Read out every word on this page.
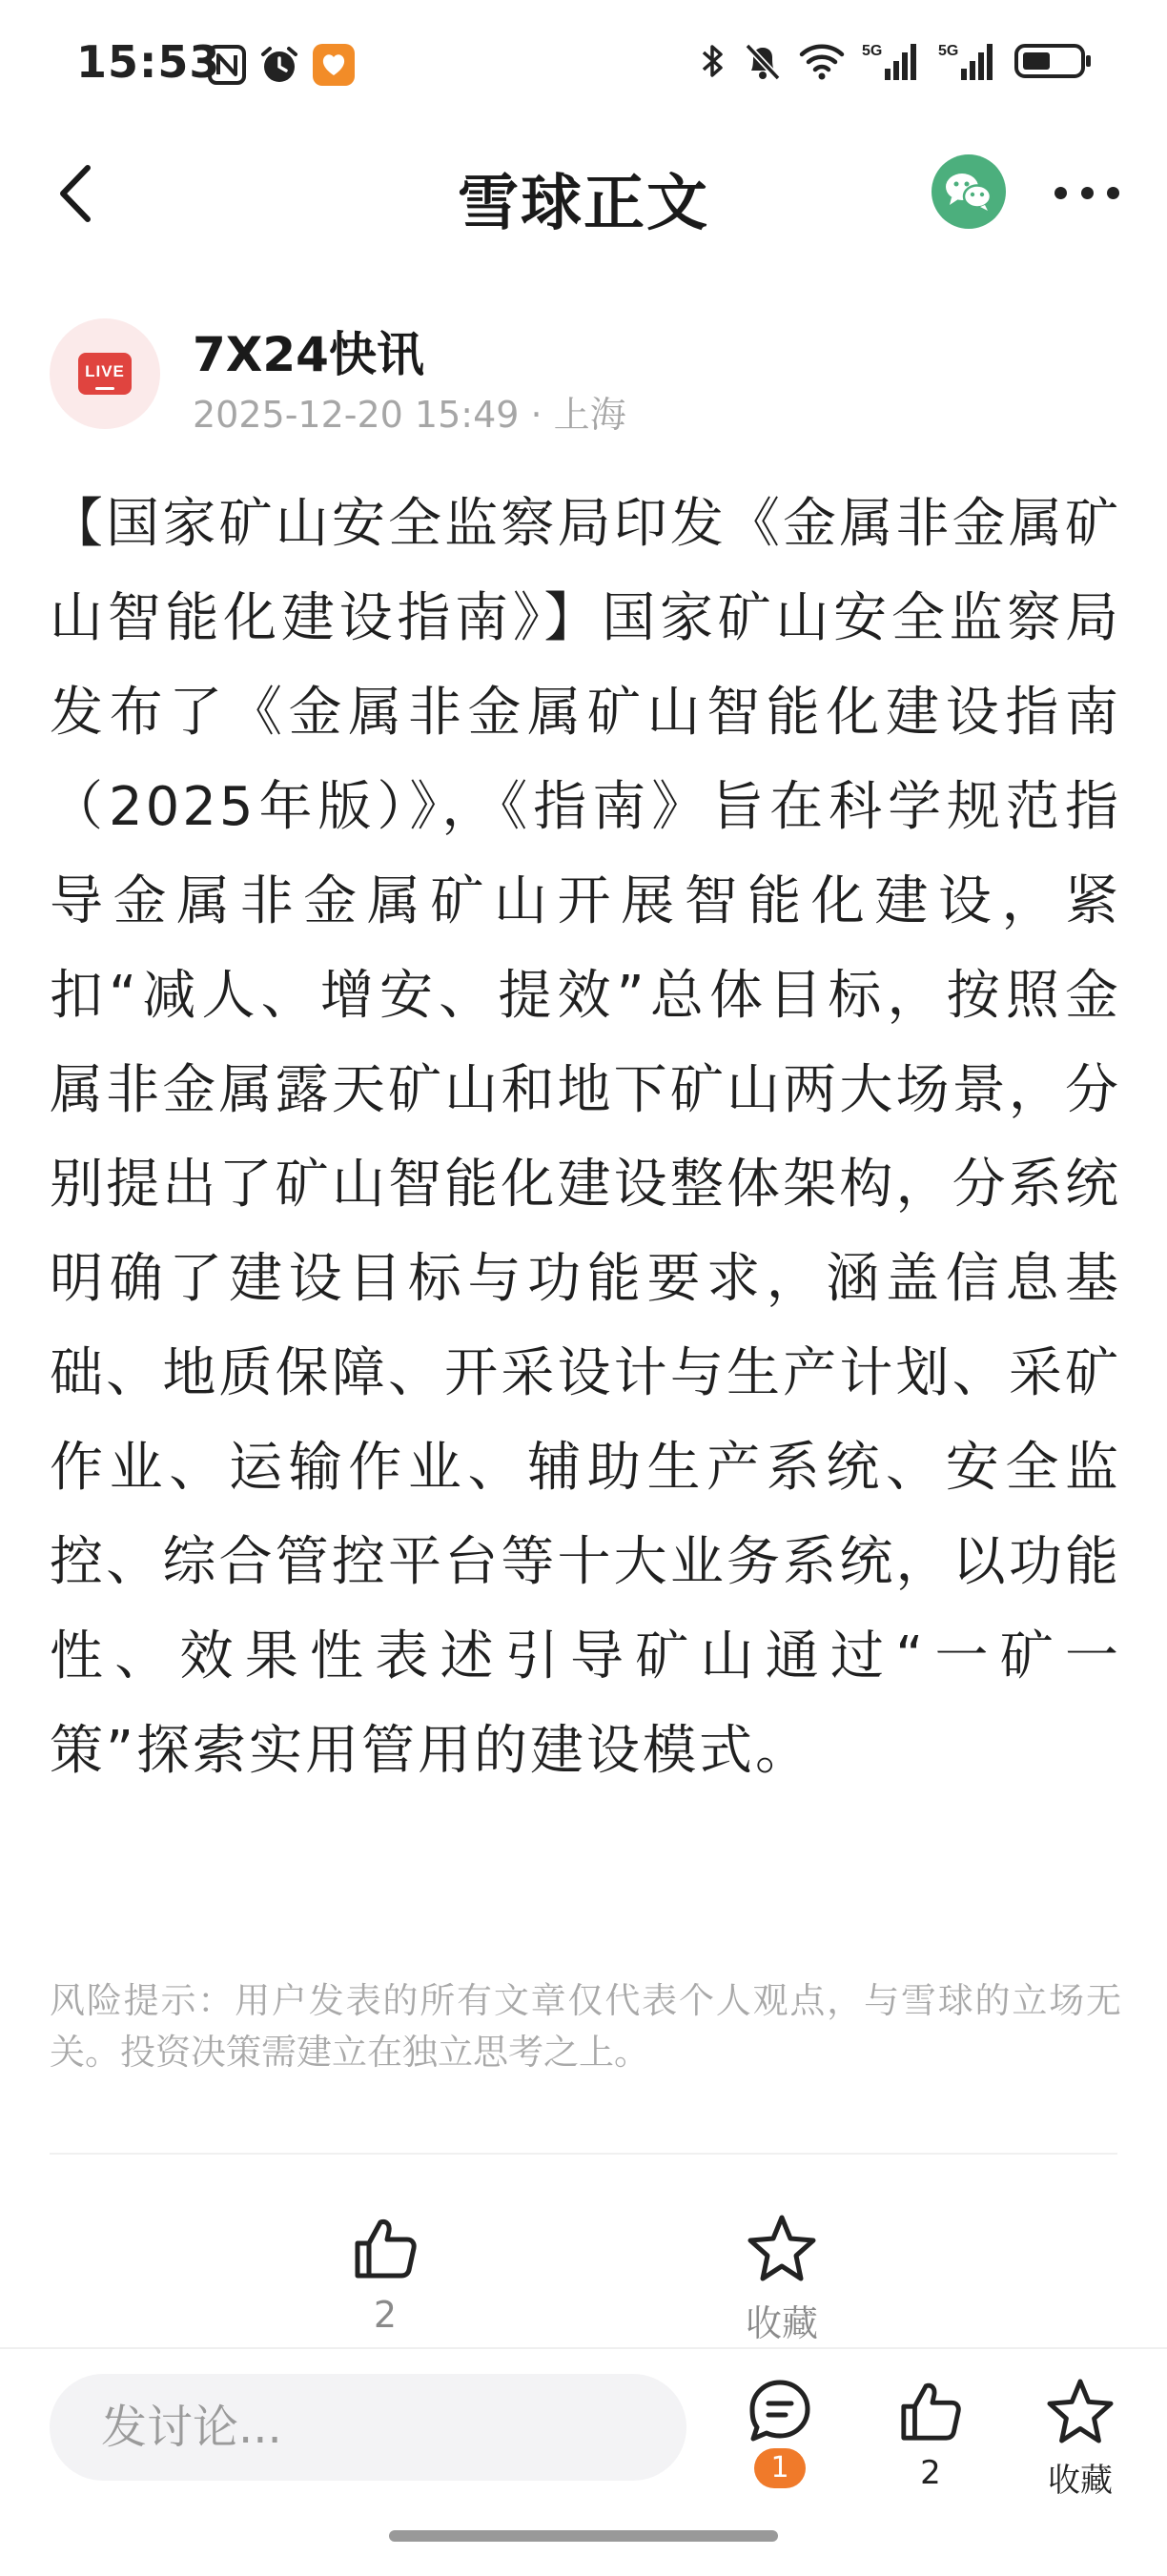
15:53	5G	5G
雪球正文
LIVE 7X24快讯
2025-12-20 15:49 · 上海
【国家矿山安全监察局印发《金属非金属矿山智能化建设指南》】国家矿山安全监察局发布了《金属非金属矿山智能化建设指南（2025年版）》，《指南》旨在科学规范指导金属非金属矿山开展智能化建设，紧扣“减人、增安、提效”总体目标，按照金属非金属露天矿山和地下矿山两大场景，分别提出了矿山智能化建设整体架构，分系统明确了建设目标与功能要求，涵盖信息基础、地质保障、开采设计与生产计划、采矿作业、运输作业、辅助生产系统、安全监控、综合管控平台等十大业务系统，以功能性、效果性表述引导矿山通过“一矿一策”探索实用管用的建设模式。
风险提示：用户发表的所有文章仅代表个人观点，与雪球的立场无关。投资决策需建立在独立思考之上。
2	收藏
发讨论...
1	2	收藏
